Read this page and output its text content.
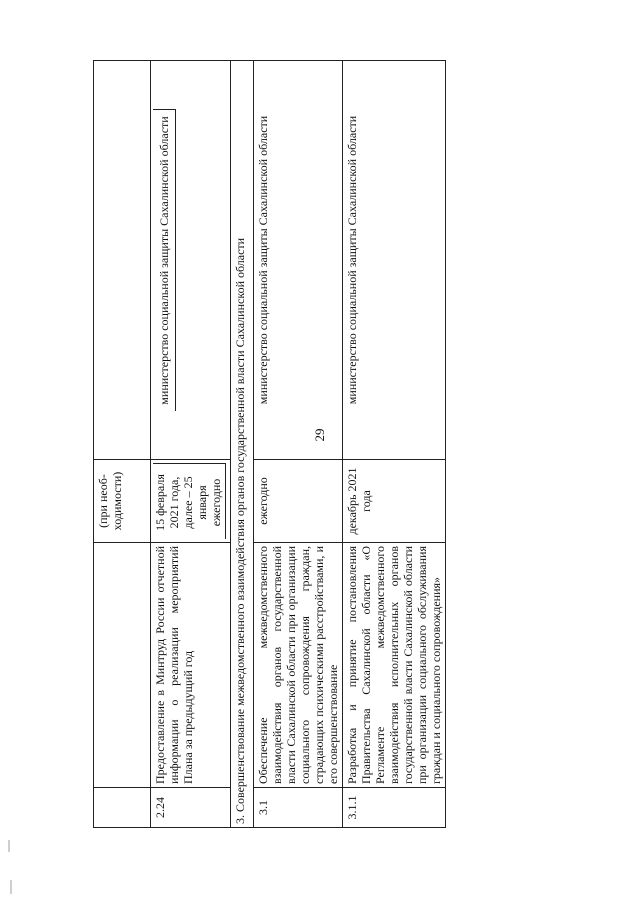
29
		(при необ-ходимости)	
2.24	Предоставление в Минтруд России отчетной информации о реализации мероприятий Плана за предыдущий год	15 февраля 2021 года, далее – 25 января ежегодно	министерство социальной защиты Сахалинской области
3. Совершенствование межведомственного взаимодействия органов государственной власти Сахалинской области			
3.1	Обеспечение межведомственного взаимодействия органов государственной власти Сахалинской области при организации социального сопровождения граждан, страдающих психическими расстройствами, и его совершенствование	ежегодно	министерство социальной защиты Сахалинской области
3.1.1	Разработка и принятие постановления Правительства Сахалинской области «О Регламенте межведомственного взаимодействия исполнительных органов государственной власти Сахалинской области при организации социального обслуживания граждан и социального сопровождения»	декабрь 2021 года	министерство социальной защиты Сахалинской области
